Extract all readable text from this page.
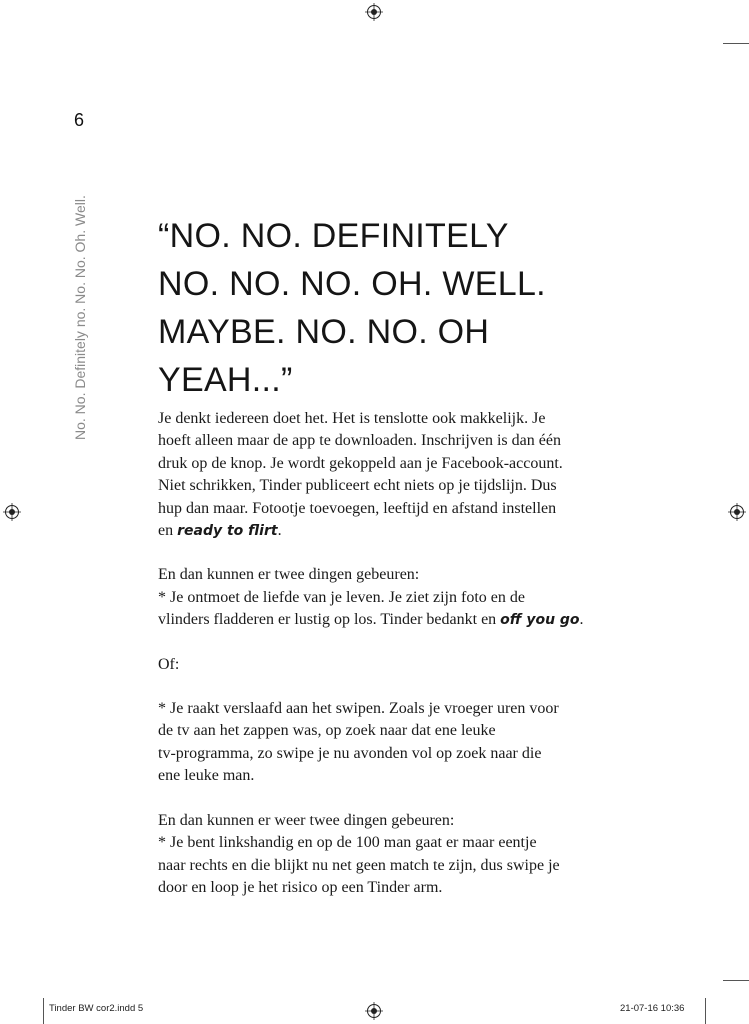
6
No. No. Definitely no. No. No. Oh. Well. “NO. NO. DEFINITELY
NO. NO. NO. OH. WELL.
MAYBE. NO. NO. OH
YEAH...”

Je denkt iedereen doet het. Het is tenslotte ook makkelijk. Je
hoeft alleen maar de app te downloaden. Inschrijven is dan één
druk op de knop. Je wordt gekoppeld aan je Facebook-account.
Niet schrikken, Tinder publiceert echt niets op je tijdslijn. Dus
hup dan maar. Fotootje toevoegen, leeftijd en afstand instellen
en ready to flirt.

En dan kunnen er twee dingen gebeuren:
* Je ontmoet de liefde van je leven. Je ziet zijn foto en de
vlinders fladderen er lustig op los. Tinder bedankt en off you go.

Of:

* Je raakt verslaafd aan het swipen. Zoals je vroeger uren voor
de tv aan het zappen was, op zoek naar dat ene leuke
tv-programma, zo swipe je nu avonden vol op zoek naar die
ene leuke man.

En dan kunnen er weer twee dingen gebeuren:
* Je bent linkshandig en op de 100 man gaat er maar eentje
naar rechts en die blijkt nu net geen match te zijn, dus swipe je
door en loop je het risico op een Tinder arm.

Tinder BW cor2.indd 5	21-07-16 10:36
